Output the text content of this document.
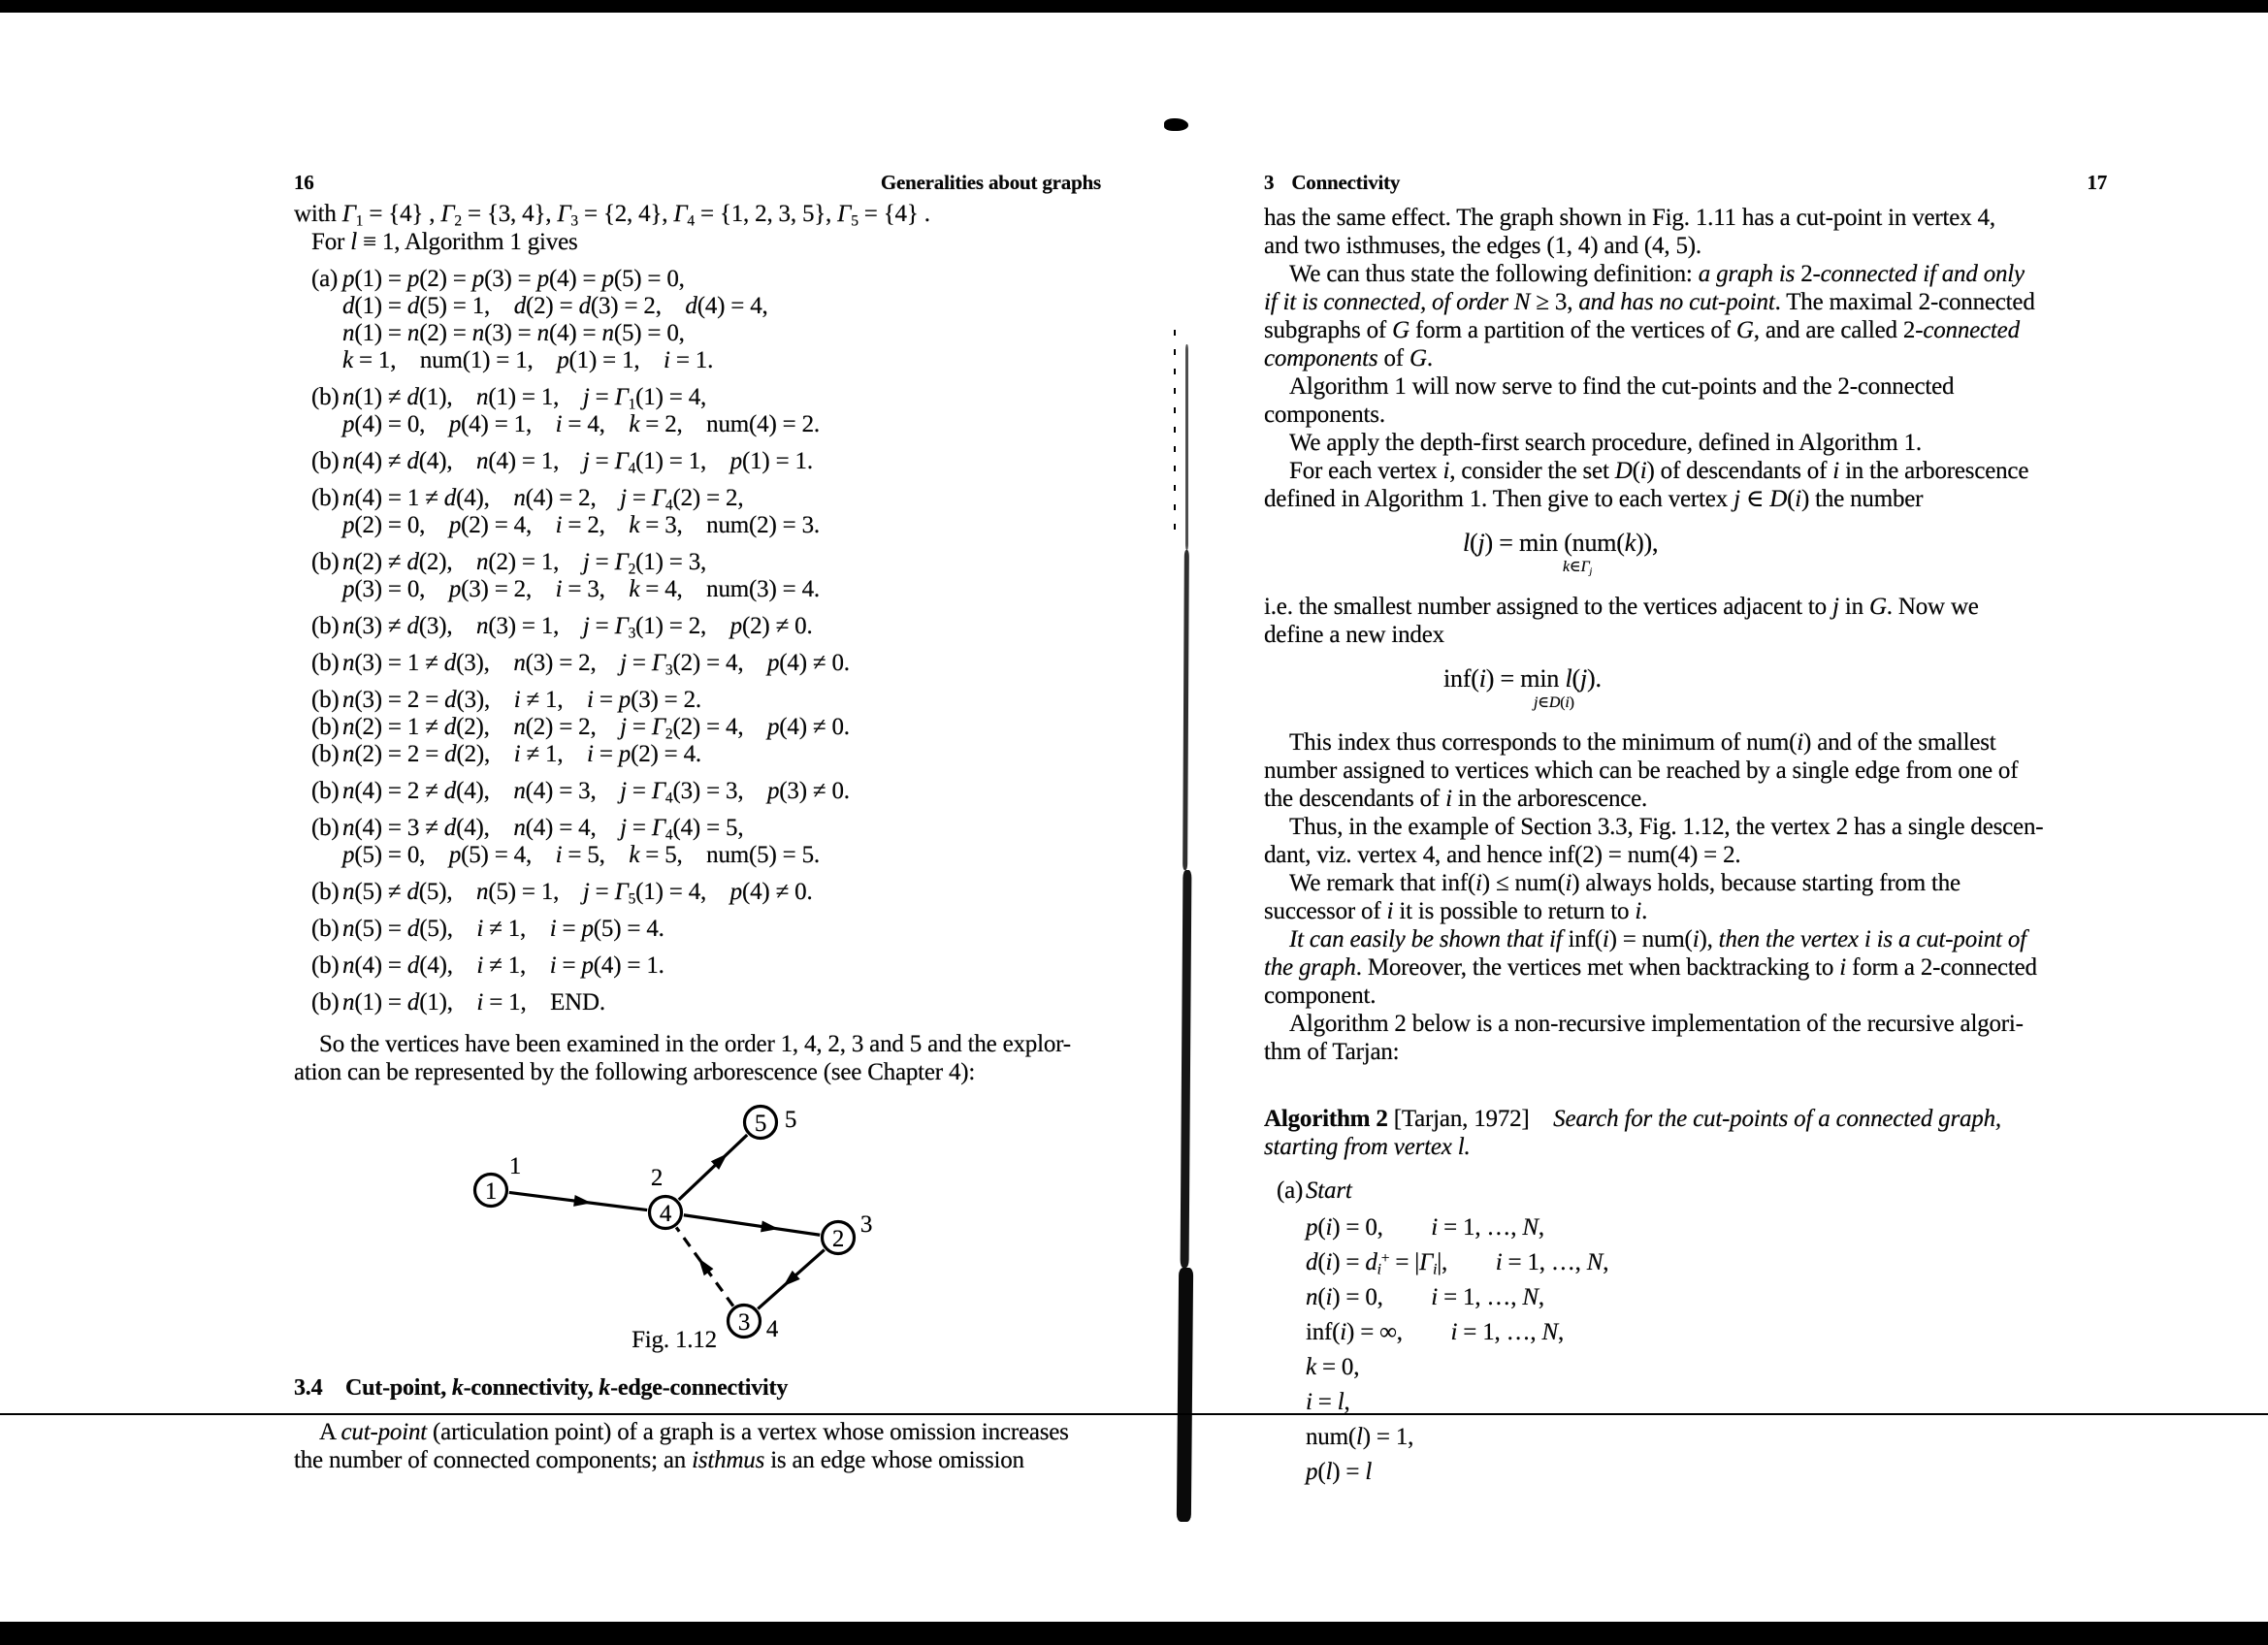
16	Generalities about graphs
with $\Gamma_1 = \{4\}$ , $\Gamma_2 = \{3$, 4}, $\Gamma_3 = \{2$, 4}, $\Gamma_4 = \{1$, 2, 3, 5}, $\Gamma_5 = \{4\}$ .
For l ≡ 1, Algorithm 1 gives
(a) p(1) = p(2) = p(3) = p(4) = p(5) = 0,
d(1) = d(5) = 1,  d(2) = d(3) = 2,  d(4) = 4,
n(1) = n(2) = n(3) = n(4) = n(5) = 0,
k = 1,  num(1) = 1,  p(1) = 1,  i = 1.
(b) n(1) ≠ d(1),  n(1) = 1,  $j = \Gamma_1(1) = 4$,
p(4) = 0,  p(4) = 1,  i = 4,  k = 2,  num(4) = 2.
(b) n(4) ≠ d(4),  n(4) = 1,  $j = \Gamma_4(1) = 1$,  p(1) = 1.
(b) n(4) = 1 ≠ d(4),  n(4) = 2,  $j = \Gamma_4(2) = 2$,
p(2) = 0,  p(2) = 4,  i = 2,  k = 3,  num(2) = 3.
(b) n(2) ≠ d(2),  n(2) = 1,  $j = \Gamma_2(1) = 3$,
p(3) = 0,  p(3) = 2,  i = 3,  k = 4,  num(3) = 4.
(b) n(3) ≠ d(3),  n(3) = 1,  $j = \Gamma_3(1) = 2$,  p(2) ≠ 0.
(b) n(3) = 1 ≠ d(3),  n(3) = 2,  $j = \Gamma_3(2) = 4$,  p(4) ≠ 0.
(b) n(3) = 2 = d(3),  i ≠ 1,  i = p(3) = 2.
(b) n(2) = 1 ≠ d(2),  n(2) = 2,  $j = \Gamma_2(2) = 4$,  p(4) ≠ 0.
(b) n(2) = 2 = d(2),  i ≠ 1,  i = p(2) = 4.
(b) n(4) = 2 ≠ d(4),  n(4) = 3,  $j = \Gamma_4(3) = 3$,  p(3) ≠ 0.
(b) n(4) = 3 ≠ d(4),  n(4) = 4,  $j = \Gamma_4(4) = 5$,
p(5) = 0,  p(5) = 4,  i = 5,  k = 5,  num(5) = 5.
(b) n(5) ≠ d(5),  n(5) = 1,  $j = \Gamma_5(1) = 4$,  p(4) ≠ 0.
(b) n(5) = d(5),  i ≠ 1,  i = p(5) = 4.
(b) n(4) = d(4),  i ≠ 1,  i = p(4) = 1.
(b) n(1) = d(1),  i = 1,  END.
So the vertices have been examined in the order 1, 4, 2, 3 and 5 and the explor-
ation can be represented by the following arborescence (see Chapter 4):
1
1
4
2
5 5
2
3
3 4
Fig. 1.12
3.4  Cut-point, k-connectivity, k-edge-connectivity
A cut-point (articulation point) of a graph is a vertex whose omission increases
the number of connected components; an isthmus is an edge whose omission
3 Connectivity	17
has the same effect. The graph shown in Fig. 1.11 has a cut-point in vertex 4,
and two isthmuses, the edges (1, 4) and (4, 5).
We can thus state the following definition: a graph is 2-connected if and only
if it is connected, of order N ≥ 3, and has no cut-point. The maximal 2-connected
subgraphs of G form a partition of the vertices of G, and are called 2-connected
components of G.
Algorithm 1 will now serve to find the cut-points and the 2-connected
components.
We apply the depth-first search procedure, defined in Algorithm 1.
For each vertex i, consider the set D(i) of descendants of i in the arborescence
defined in Algorithm 1. Then give to each vertex j ∈ D(i) the number
l(j) = min (num(k)),
$k\in\Gamma_j$
i.e. the smallest number assigned to the vertices adjacent to j in G. Now we
define a new index
inf(i) = min l(j).
j∈D(i)
This index thus corresponds to the minimum of num(i) and of the smallest
number assigned to vertices which can be reached by a single edge from one of
the descendants of i in the arborescence.
Thus, in the example of Section 3.3, Fig. 1.12, the vertex 2 has a single descen-
dant, viz. vertex 4, and hence inf(2) = num(4) = 2.
We remark that inf(i) ≤ num(i) always holds, because starting from the
successor of i it is possible to return to i.
It can easily be shown that if inf(i) = num(i), then the vertex i is a cut-point of
the graph. Moreover, the vertices met when backtracking to i form a 2-connected
component.
Algorithm 2 below is a non-recursive implementation of the recursive algori-
thm of Tarjan:
Algorithm 2 [Tarjan, 1972]  Search for the cut-points of a connected graph,
starting from vertex l.
(a) Start
p(i) = 0,  i = 1, …, N,
$d(i) = d_i^+ = |\Gamma_i|$,  i = 1, …, N,
n(i) = 0,  i = 1, …, N,
inf(i) = ∞,  i = 1, …, N,
k = 0,
i = l,
num(l) = 1,
p(l) = l
